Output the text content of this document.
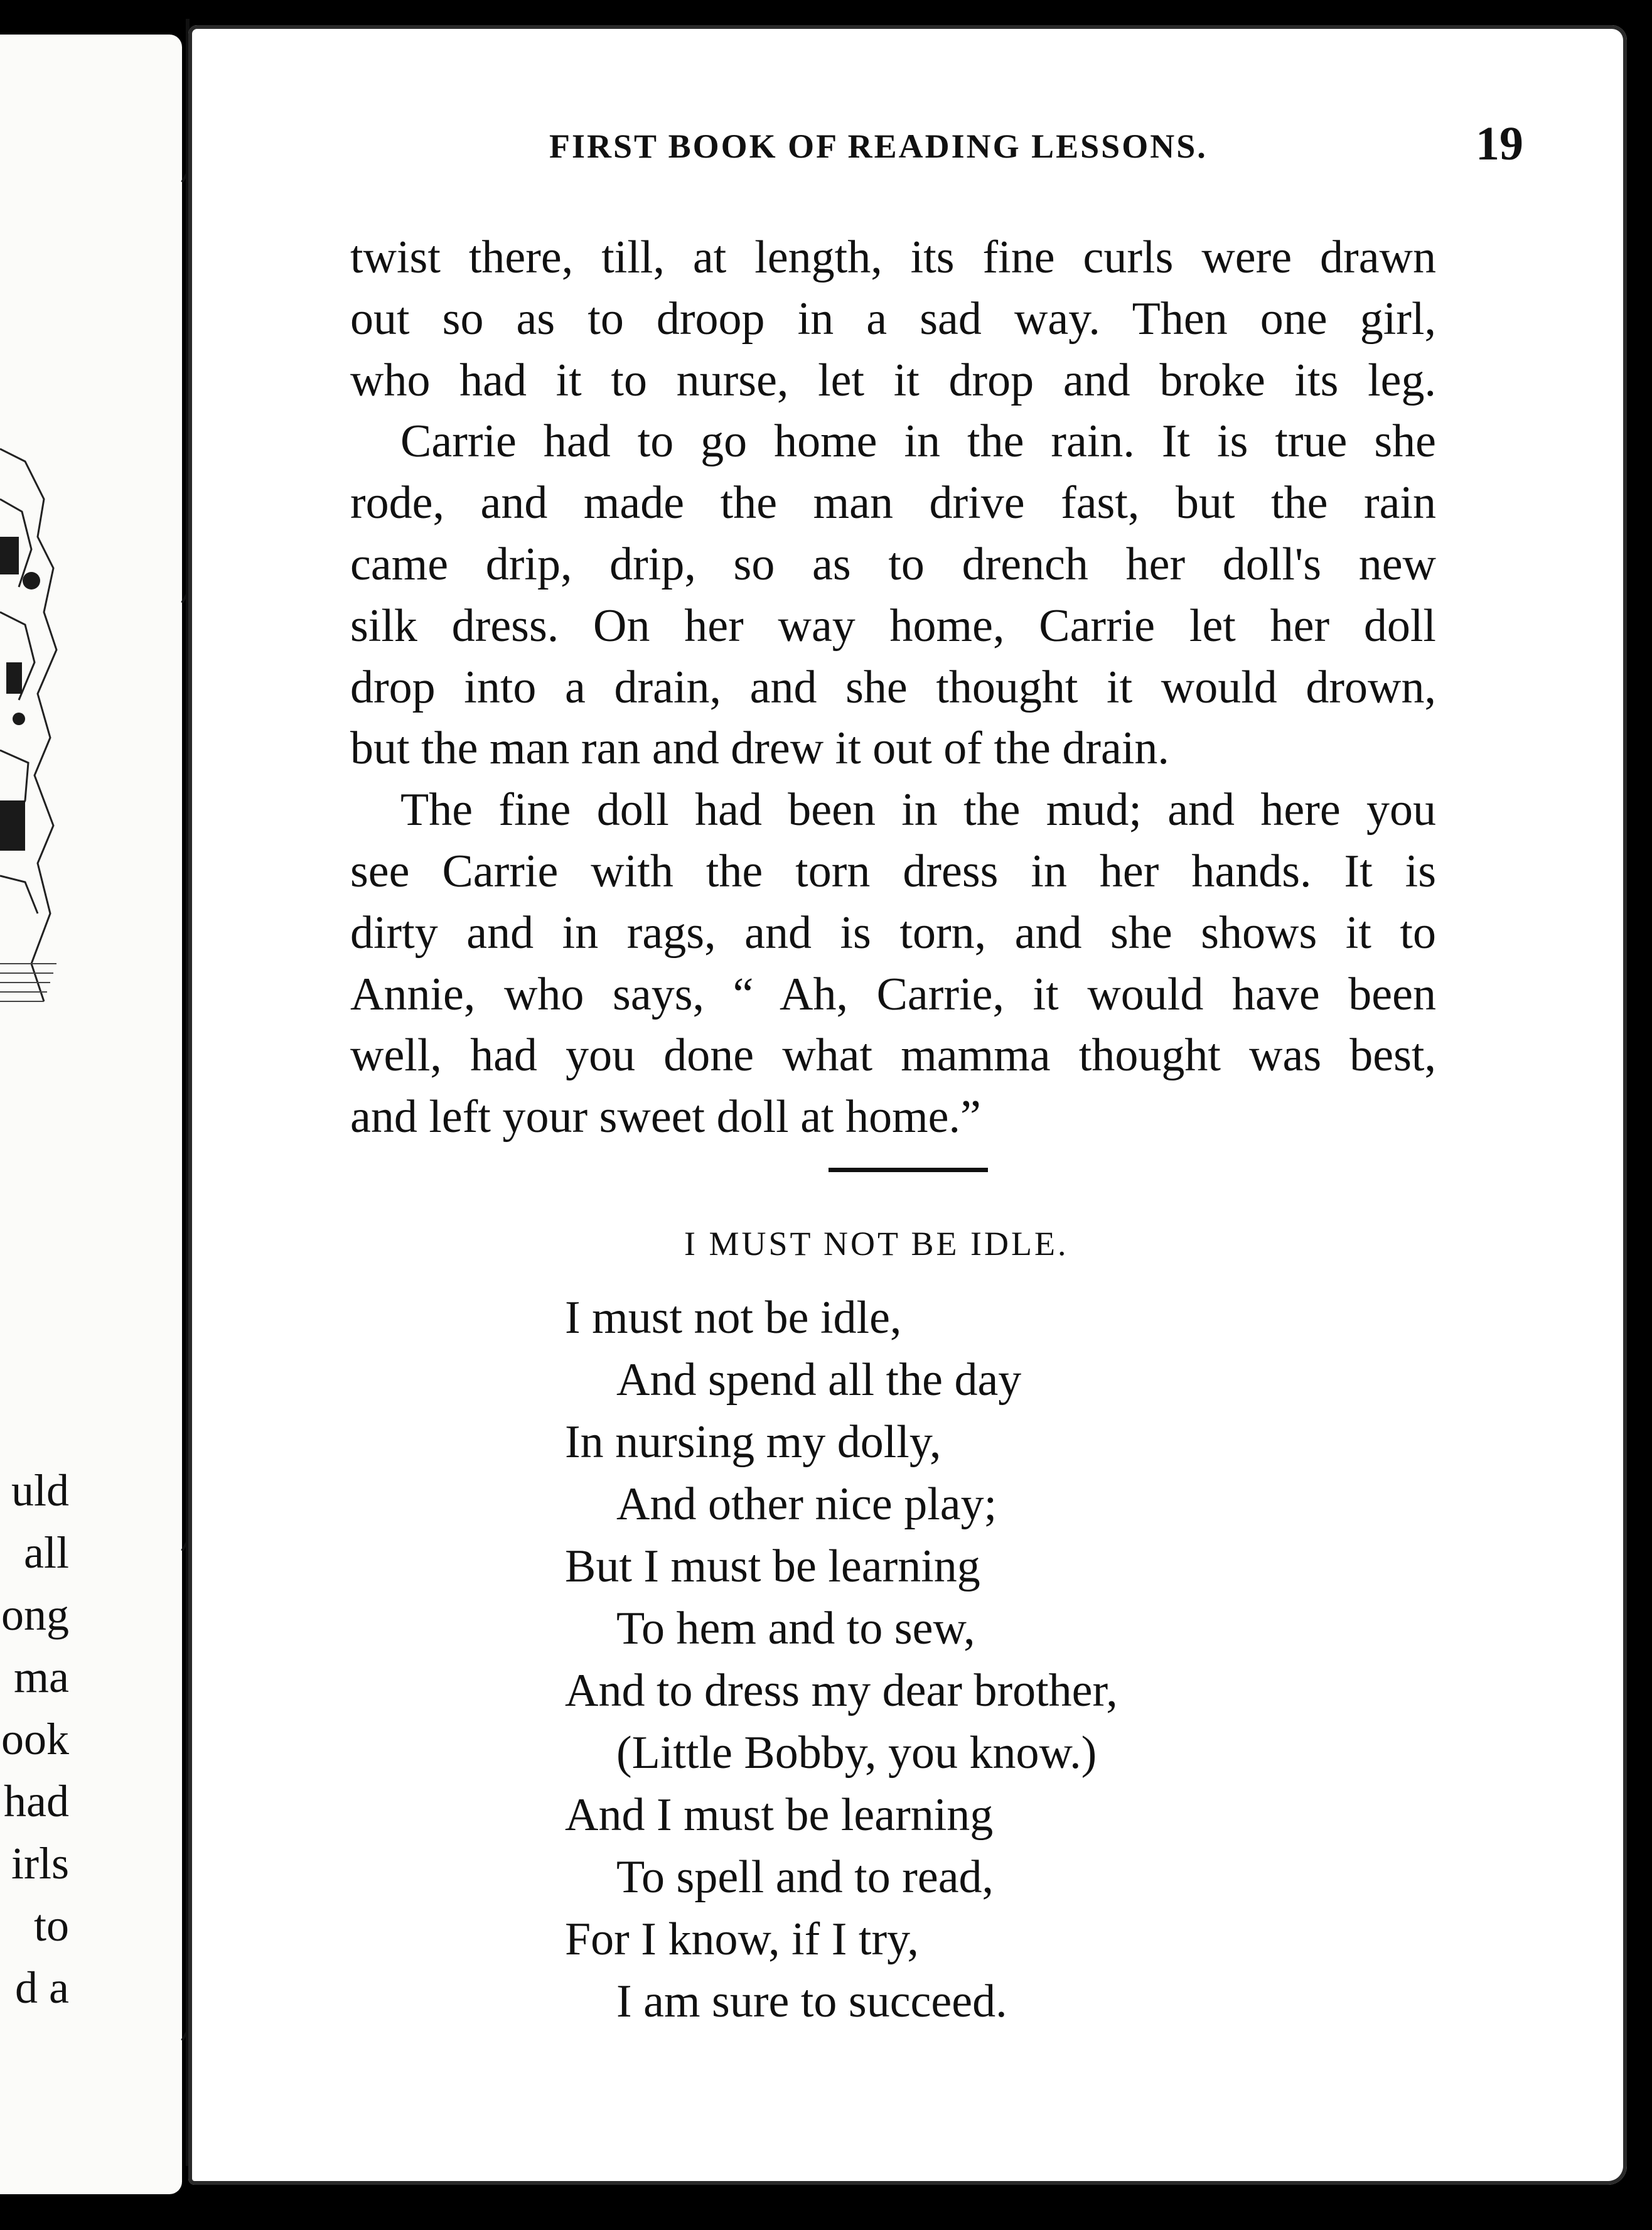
uld
all
ong
ma
ook
had
irls
to
d a
FIRST BOOK OF READING LESSONS.	19
twist there, till, at length, its fine curls were drawn
out so as to droop in a sad way. Then one girl,
who had it to nurse, let it drop and broke its leg.
Carrie had to go home in the rain. It is true she
rode, and made the man drive fast, but the rain
came drip, drip, so as to drench her doll's new
silk dress. On her way home, Carrie let her doll
drop into a drain, and she thought it would drown,
but the man ran and drew it out of the drain.
The fine doll had been in the mud; and here you
see Carrie with the torn dress in her hands. It is
dirty and in rags, and is torn, and she shows it to
Annie, who says, “ Ah, Carrie, it would have been
well, had you done what mamma thought was best,
and left your sweet doll at home.”
I MUST NOT BE IDLE.
I must not be idle,
And spend all the day
In nursing my dolly,
And other nice play;
But I must be learning
To hem and to sew,
And to dress my dear brother,
(Little Bobby, you know.)
And I must be learning
To spell and to read,
For I know, if I try,
I am sure to succeed.
